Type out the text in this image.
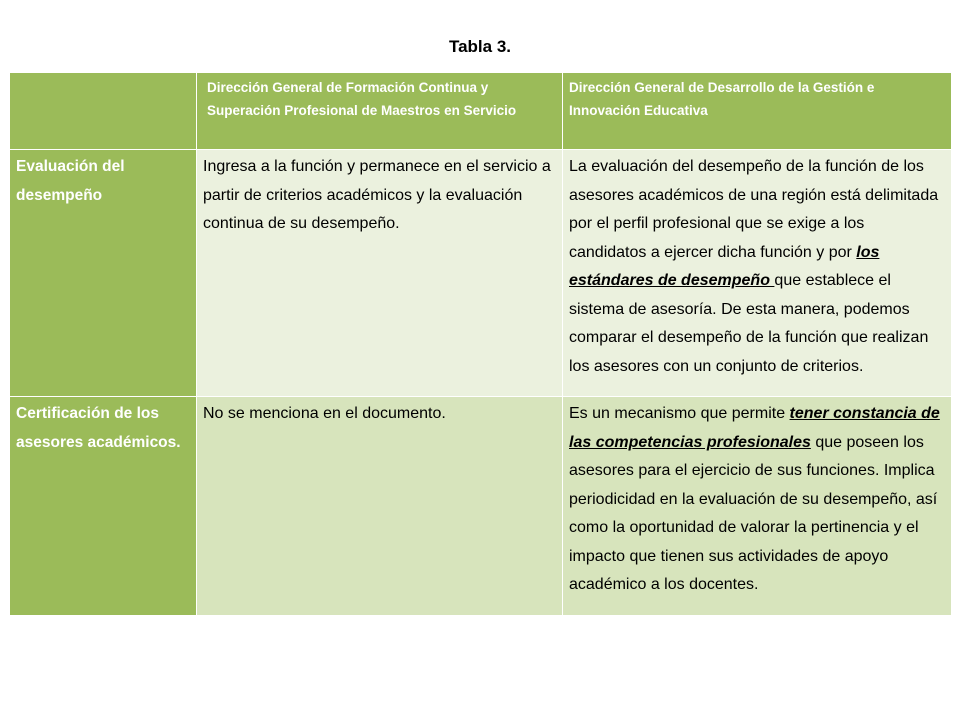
Tabla 3.
	Dirección General de Formación Continua y Superación Profesional de Maestros en Servicio	Dirección General de Desarrollo de la Gestión e Innovación Educativa
Evaluación del desempeño	Ingresa a la función y permanece en el servicio a partir de criterios académicos y la evaluación continua de su desempeño.	La evaluación del desempeño de la función de los asesores académicos de una región está delimitada por el perfil profesional que se exige a los candidatos a ejercer dicha función y por los estándares de desempeño que establece el sistema de asesoría. De esta manera, podemos comparar el desempeño de la función que realizan los asesores con un conjunto de criterios.
Certificación de los asesores académicos.	No se menciona en el documento.	Es un mecanismo que permite tener constancia de las competencias profesionales que poseen los asesores para el ejercicio de sus funciones. Implica periodicidad en la evaluación de su desempeño, así como la oportunidad de valorar la pertinencia y el impacto que tienen sus actividades de apoyo académico a los docentes.
